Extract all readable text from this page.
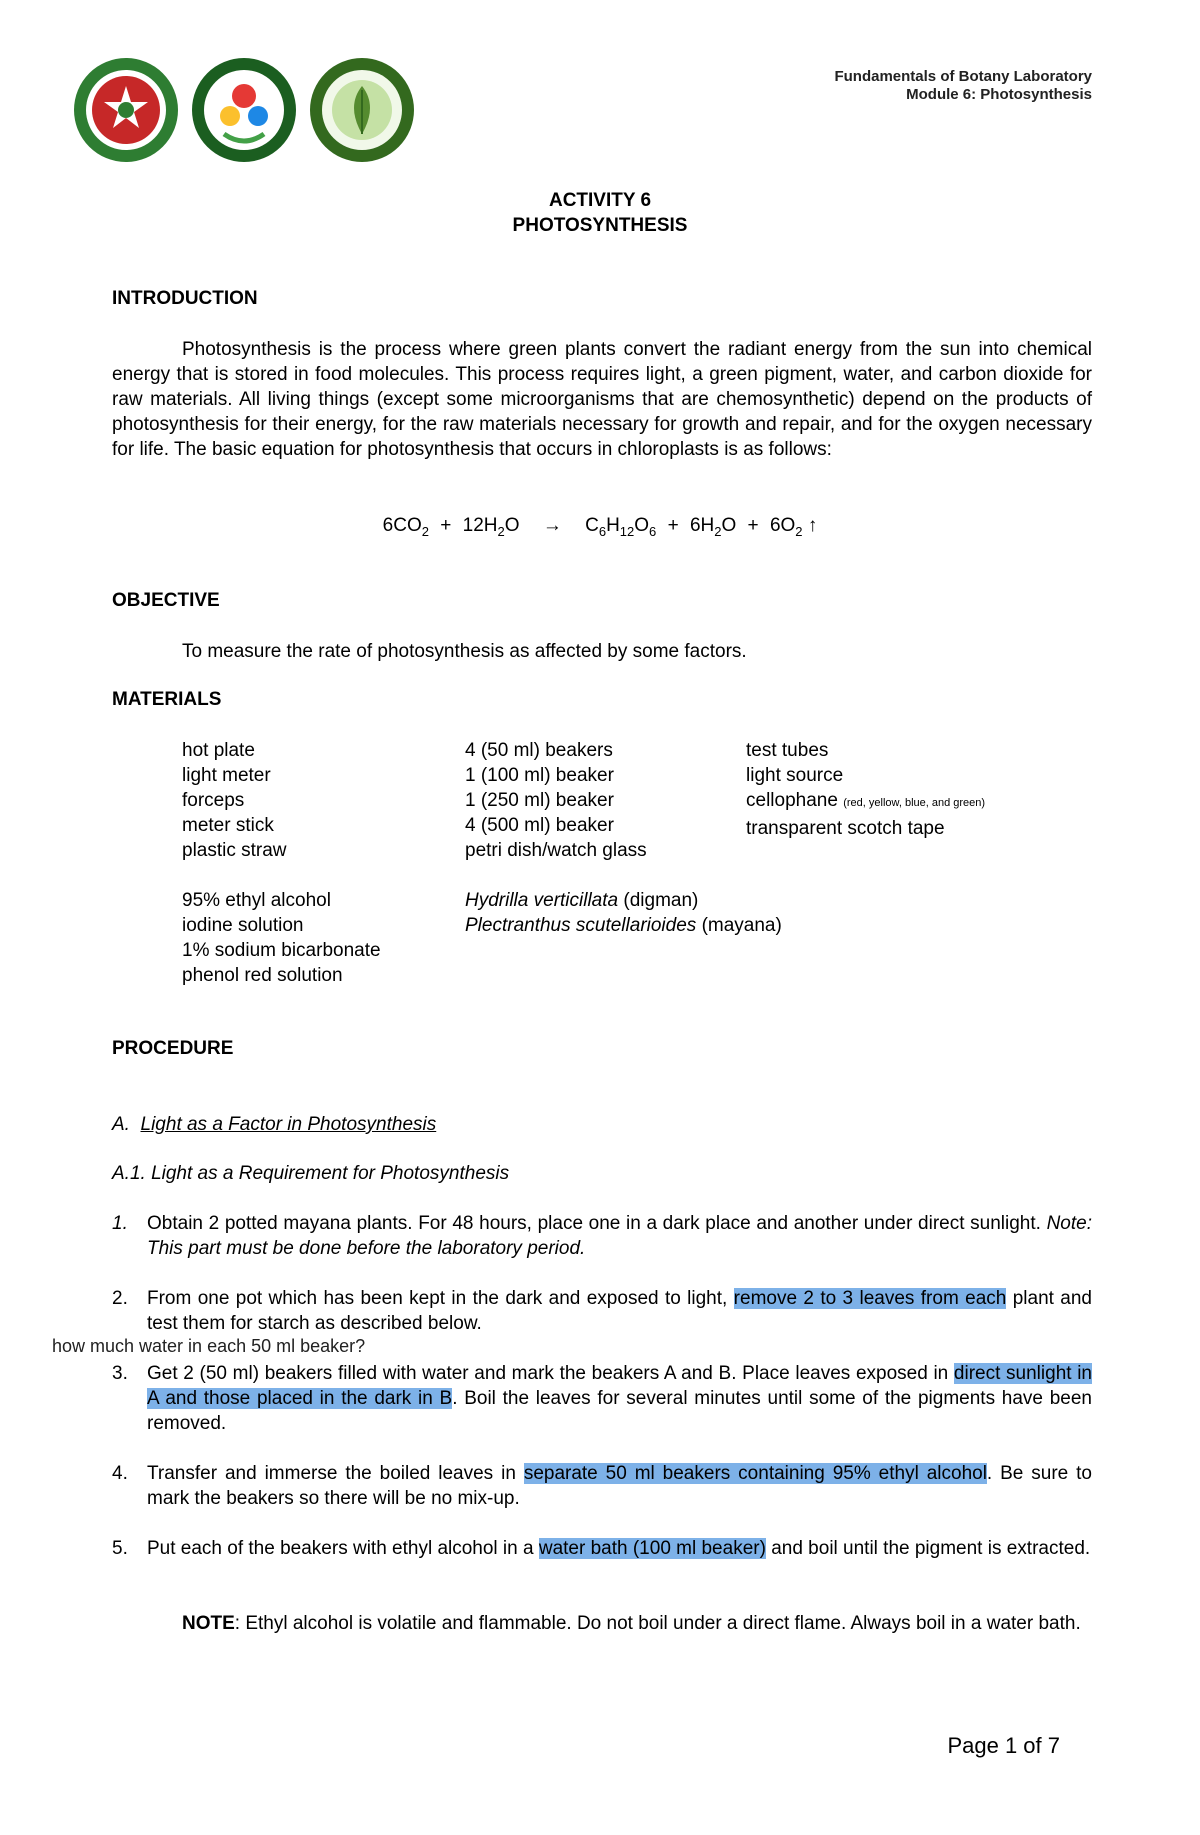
Fundamentals of Botany Laboratory
Module 6: Photosynthesis
ACTIVITY 6
PHOTOSYNTHESIS
INTRODUCTION
Photosynthesis is the process where green plants convert the radiant energy from the sun into chemical energy that is stored in food molecules. This process requires light, a green pigment, water, and carbon dioxide for raw materials. All living things (except some microorganisms that are chemosynthetic) depend on the products of photosynthesis for their energy, for the raw materials necessary for growth and repair, and for the oxygen necessary for life. The basic equation for photosynthesis that occurs in chloroplasts is as follows:
$6CO_2 + 12H_2O \to C_6H_{12}O_6 + 6H_2O + 6O_2$ ↑
OBJECTIVE
To measure the rate of photosynthesis as affected by some factors.
MATERIALS
hot plate
light meter
forceps
meter stick
plastic straw
4 (50 ml) beakers
1 (100 ml) beaker
1 (250 ml) beaker
4 (500 ml) beaker
petri dish/watch glass
test tubes
light source
cellophane (red, yellow, blue, and green)
transparent scotch tape
95% ethyl alcohol
iodine solution
1% sodium bicarbonate
phenol red solution
Hydrilla verticillata (digman)
Plectranthus scutellarioides (mayana)
PROCEDURE
A. Light as a Factor in Photosynthesis
A.1. Light as a Requirement for Photosynthesis
1. Obtain 2 potted mayana plants. For 48 hours, place one in a dark place and another under direct sunlight. Note: This part must be done before the laboratory period.
2. From one pot which has been kept in the dark and exposed to light, remove 2 to 3 leaves from each plant and test them for starch as described below.
how much water in each 50 ml beaker?
3. Get 2 (50 ml) beakers filled with water and mark the beakers A and B. Place leaves exposed in direct sunlight in A and those placed in the dark in B. Boil the leaves for several minutes until some of the pigments have been removed.
4. Transfer and immerse the boiled leaves in separate 50 ml beakers containing 95% ethyl alcohol. Be sure to mark the beakers so there will be no mix-up.
5. Put each of the beakers with ethyl alcohol in a water bath (100 ml beaker) and boil until the pigment is extracted.
NOTE: Ethyl alcohol is volatile and flammable. Do not boil under a direct flame. Always boil in a water bath.
Page 1 of 7
